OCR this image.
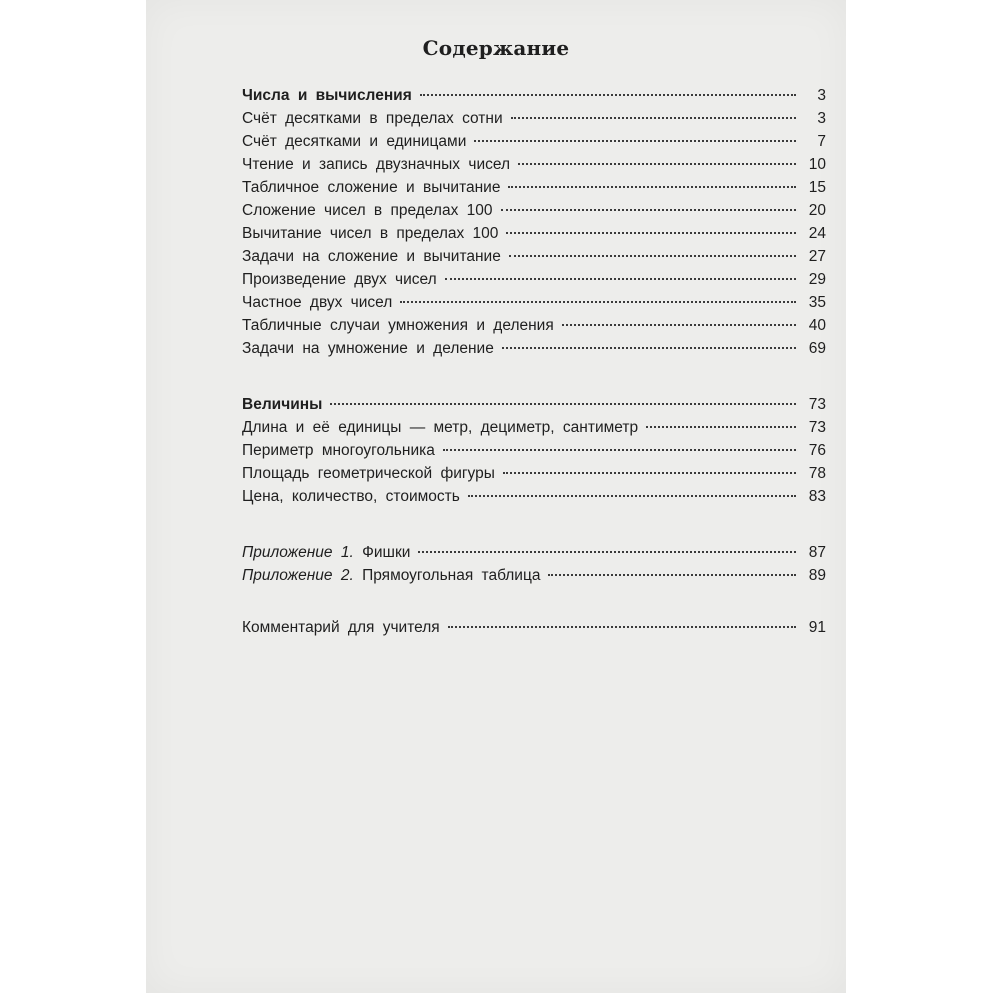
Содержание
Числа и вычисления	3
Счёт десятками в пределах сотни	3
Счёт десятками и единицами	7
Чтение и запись двузначных чисел	10
Табличное сложение и вычитание	15
Сложение чисел в пределах 100	20
Вычитание чисел в пределах 100	24
Задачи на сложение и вычитание	27
Произведение двух чисел	29
Частное двух чисел	35
Табличные случаи умножения и деления	40
Задачи на умножение и деление	69
Величины	73
Длина и её единицы — метр, дециметр, сантиметр	73
Периметр многоугольника	76
Площадь геометрической фигуры	78
Цена, количество, стоимость	83
Приложение 1. Фишки	87
Приложение 2. Прямоугольная таблица	89
Комментарий для учителя	91
